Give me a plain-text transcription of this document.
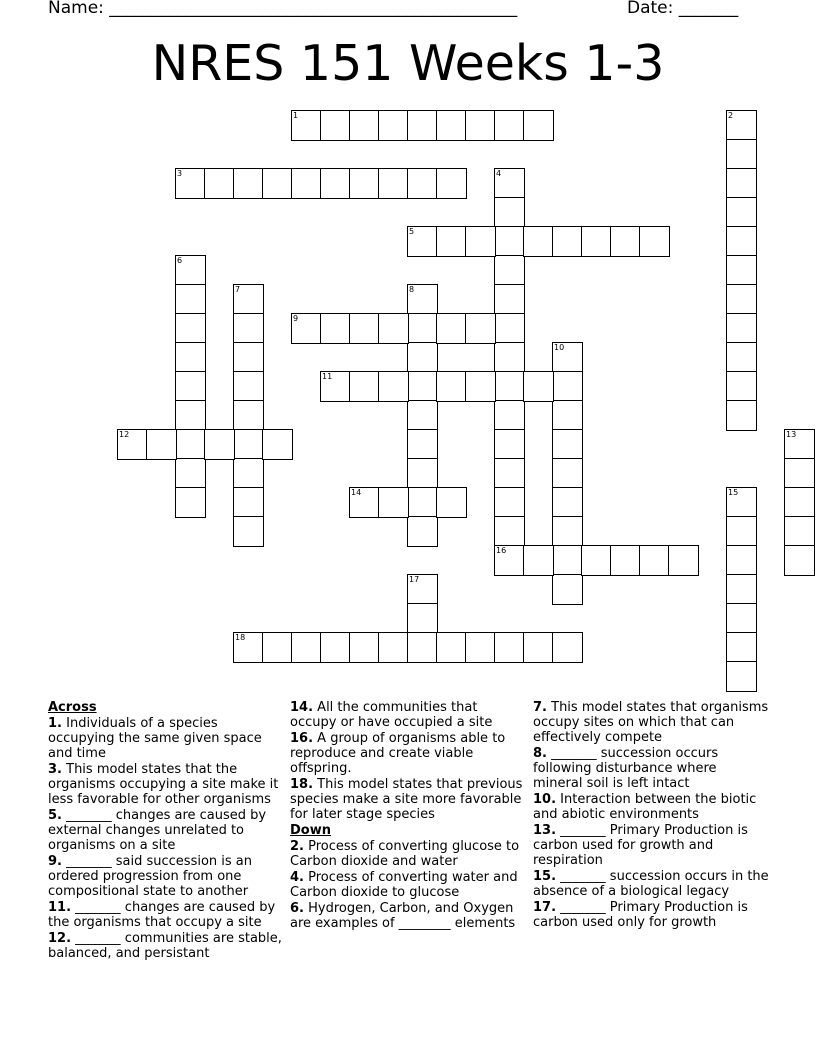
Name: ________________________________________________	Date: _______
NRES 151 Weeks 1-3
1	2
3	4
16
5
6
7	8
9
10
11
12	13
14	15
17
18
Across
1. Individuals of a species occupying the same given space and time
3. This model states that the organisms occupying a site make it less favorable for other organisms
5. _______ changes are caused by external changes unrelated to organisms on a site
9. _______ said succession is an ordered progression from one compositional state to another
11. _______ changes are caused by the organisms that occupy a site
12. _______ communities are stable, balanced, and persistant
14. All the communities that occupy or have occupied a site
16. A group of organisms able to reproduce and create viable offspring.
18. This model states that previous species make a site more favorable for later stage species
Down
2. Process of converting glucose to Carbon dioxide and water
4. Process of converting water and Carbon dioxide to glucose
6. Hydrogen, Carbon, and Oxygen are examples of ________ elements
7. This model states that organisms occupy sites on which that can effectively compete
8. _______ succession occurs following disturbance where mineral soil is left intact
10. Interaction between the biotic and abiotic environments
13. _______ Primary Production is carbon used for growth and respiration
15. _______ succession occurs in the absence of a biological legacy
17. _______ Primary Production is carbon used only for growth
